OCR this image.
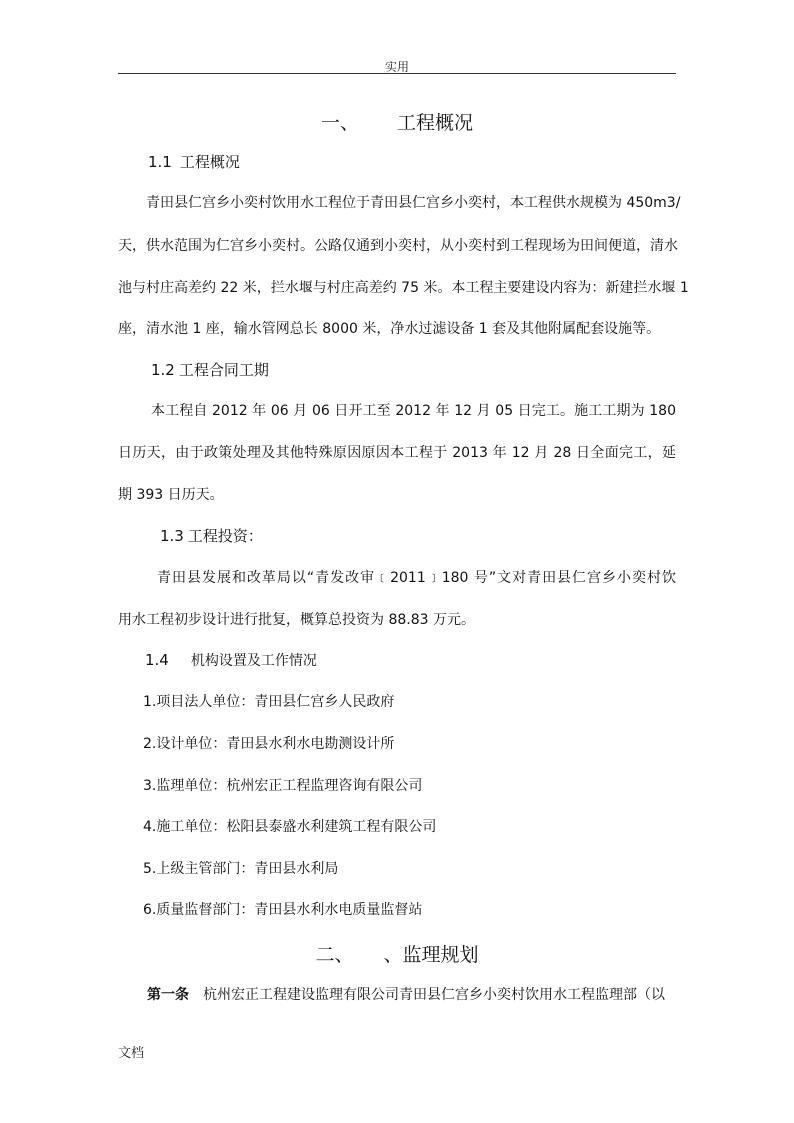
实用
一、 工程概况
1.1 工程概况
青田县仁宫乡小奕村饮用水工程位于青田县仁宫乡小奕村，本工程供水规模为 450m3/
天，供水范围为仁宫乡小奕村。公路仅通到小奕村，从小奕村到工程现场为田间便道，清水
池与村庄高差约 22 米，拦水堰与村庄高差约 75 米。本工程主要建设内容为：新建拦水堰 1
座，清水池 1 座，输水管网总长 8000 米，净水过滤设备 1 套及其他附属配套设施等。
1.2 工程合同工期
本工程自 2012 年 06 月 06 日开工至 2012 年 12 月 05 日完工。施工工期为 180
日历天，由于政策处理及其他特殊原因原因本工程于 2013 年 12 月 28 日全面完工，延
期 393 日历天。
1.3 工程投资：
青田县发展和改革局以“青发改审﹝2011﹞180 号”文对青田县仁宫乡小奕村饮
用水工程初步设计进行批复，概算总投资为 88.83 万元。
1.4 机构设置及工作情况
1.项目法人单位：青田县仁宫乡人民政府
2.设计单位：青田县水利水电勘测设计所
3.监理单位：杭州宏正工程监理咨询有限公司
4.施工单位：松阳县泰盛水利建筑工程有限公司
5.上级主管部门：青田县水利局
6.质量监督部门：青田县水利水电质量监督站
二、 、监理规划
第一条 杭州宏正工程建设监理有限公司青田县仁宫乡小奕村饮用水工程监理部（以
文档
